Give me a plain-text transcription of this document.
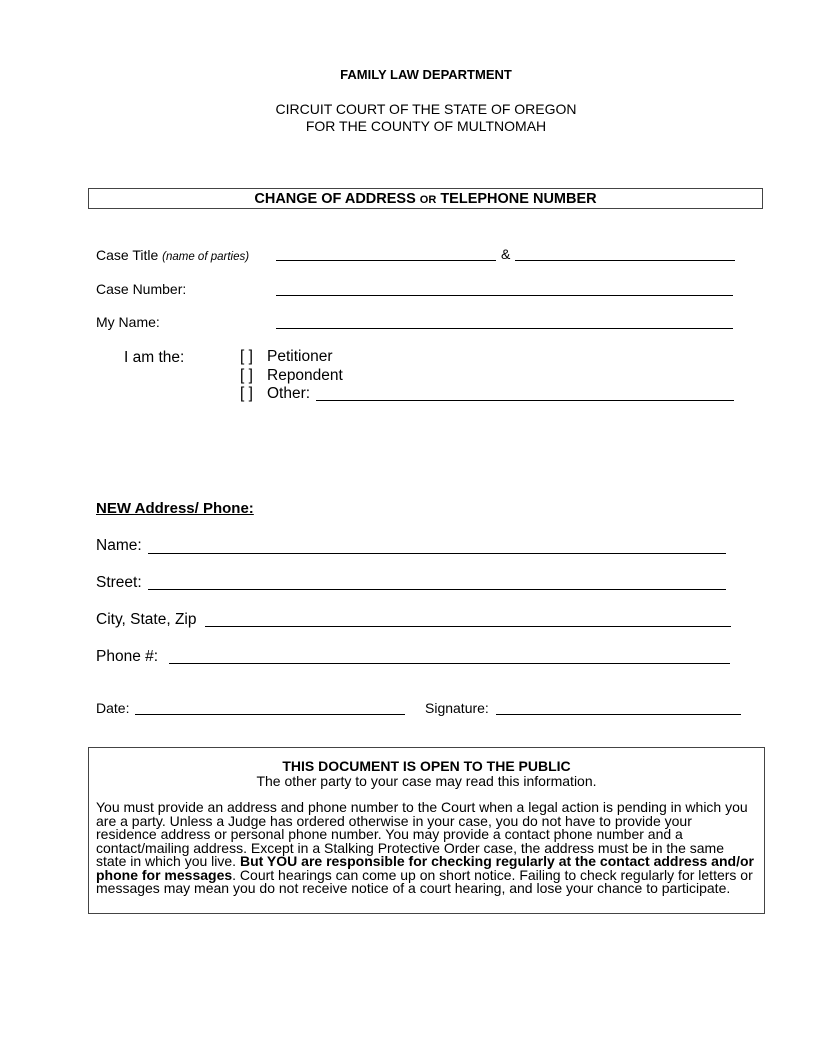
FAMILY LAW DEPARTMENT
CIRCUIT COURT OF THE STATE OF OREGON
FOR THE COUNTY OF MULTNOMAH
CHANGE OF ADDRESS OR TELEPHONE NUMBER
Case Title (name of parties)	&
Case Number:
My Name:
I am the:	[ ] Petitioner
[ ] Repondent
[ ] Other:
NEW Address/ Phone:
Name:
Street:
City, State, Zip
Phone #:
Date:	Signature:
THIS DOCUMENT IS OPEN TO THE PUBLIC
The other party to your case may read this information.
You must provide an address and phone number to the Court when a legal action is pending in which you are a party. Unless a Judge has ordered otherwise in your case, you do not have to provide your residence address or personal phone number. You may provide a contact phone number and a contact/mailing address. Except in a Stalking Protective Order case, the address must be in the same state in which you live. But YOU are responsible for checking regularly at the contact address and/or phone for messages. Court hearings can come up on short notice. Failing to check regularly for letters or messages may mean you do not receive notice of a court hearing, and lose your chance to participate.
